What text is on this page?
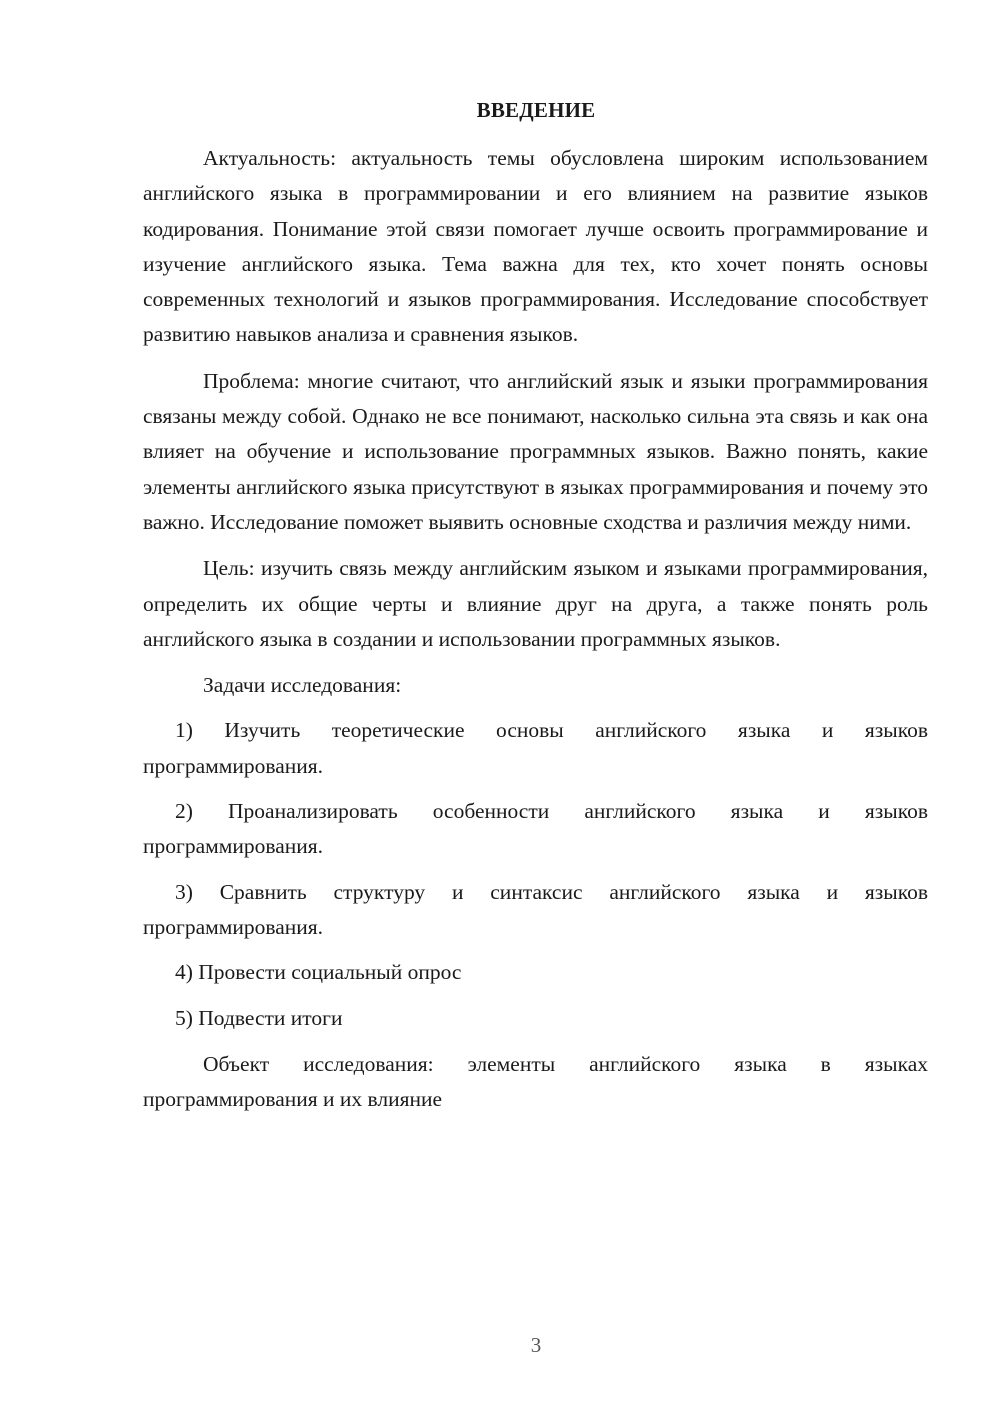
ВВЕДЕНИЕ

Актуальность: актуальность темы обусловлена широким использованием английского языка в программировании и его влиянием на развитие языков кодирования. Понимание этой связи помогает лучше освоить программирование и изучение английского языка. Тема важна для тех, кто хочет понять основы современных технологий и языков программирования. Исследование способствует развитию навыков анализа и сравнения языков.

Проблема: многие считают, что английский язык и языки программирования связаны между собой. Однако не все понимают, насколько сильна эта связь и как она влияет на обучение и использование программных языков. Важно понять, какие элементы английского языка присутствуют в языках программирования и почему это важно. Исследование поможет выявить основные сходства и различия между ними.

Цель: изучить связь между английским языком и языками программирования, определить их общие черты и влияние друг на друга, а также понять роль английского языка в создании и использовании программных языков.

Задачи исследования:

1) Изучить теоретические основы английского языка и языков программирования.

2) Проанализировать особенности английского языка и языков программирования.

3) Сравнить структуру и синтаксис английского языка и языков программирования.

4) Провести социальный опрос

5) Подвести итоги

Объект исследования: элементы английского языка в языках программирования и их влияние

3
